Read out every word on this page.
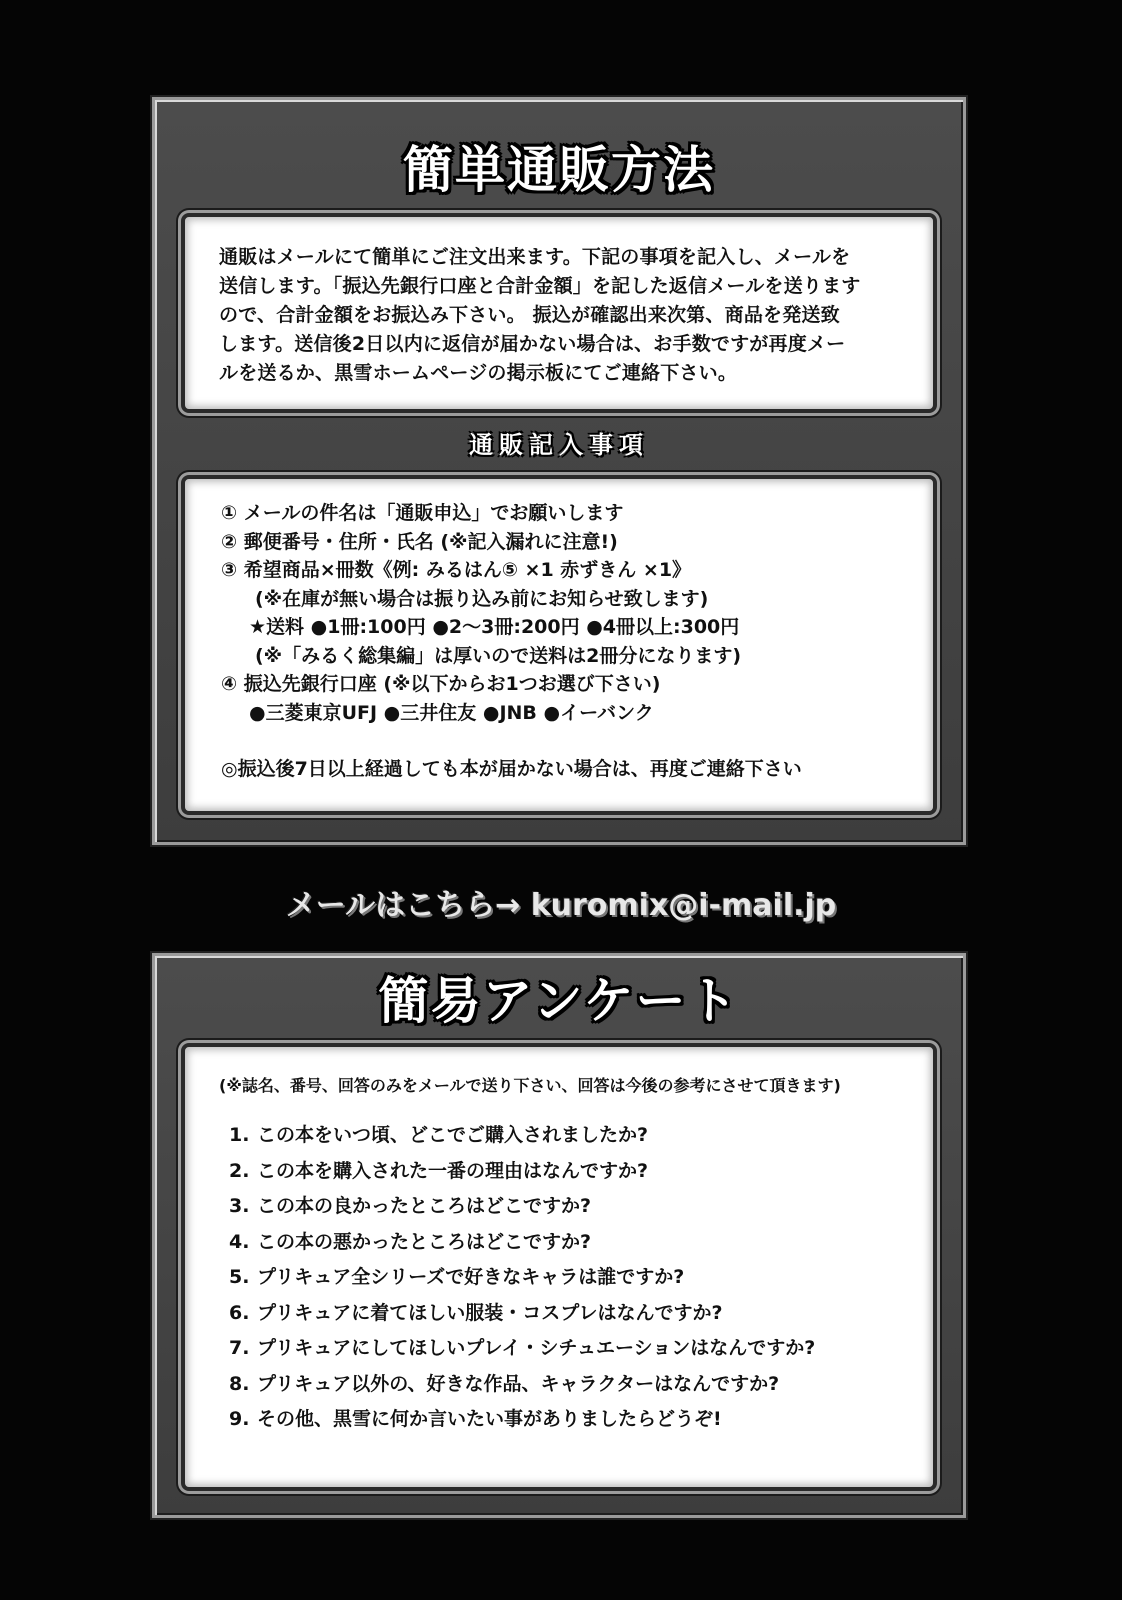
簡単通販方法
通販はメールにて簡単にご注文出来ます。下記の事項を記入し、メールを
送信します。「振込先銀行口座と合計金額」を記した返信メールを送ります
ので、合計金額をお振込み下さい。 振込が確認出来次第、商品を発送致
します。送信後2日以内に返信が届かない場合は、お手数ですが再度メー
ルを送るか、黒雪ホームページの掲示板にてご連絡下さい。
通販記入事項
① メールの件名は「通販申込」でお願いします
② 郵便番号・住所・氏名 (※記入漏れに注意!)
③ 希望商品×冊数《例: みるはん⑤ ×1 赤ずきん ×1》
(※在庫が無い場合は振り込み前にお知らせ致します)
★送料 ●1冊:100円 ●2〜3冊:200円 ●4冊以上:300円
(※「みるく総集編」は厚いので送料は2冊分になります)
④ 振込先銀行口座 (※以下からお1つお選び下さい)
●三菱東京UFJ ●三井住友 ●JNB ●イーバンク
◎振込後7日以上経過しても本が届かない場合は、再度ご連絡下さい
メールはこちら→ kuromix@i-mail.jp
簡易アンケート
(※誌名、番号、回答のみをメールで送り下さい、回答は今後の参考にさせて頂きます)
1. この本をいつ頃、どこでご購入されましたか?
2. この本を購入された一番の理由はなんですか?
3. この本の良かったところはどこですか?
4. この本の悪かったところはどこですか?
5. プリキュア全シリーズで好きなキャラは誰ですか?
6. プリキュアに着てほしい服装・コスプレはなんですか?
7. プリキュアにしてほしいプレイ・シチュエーションはなんですか?
8. プリキュア以外の、好きな作品、キャラクターはなんですか?
9. その他、黒雪に何か言いたい事がありましたらどうぞ!
